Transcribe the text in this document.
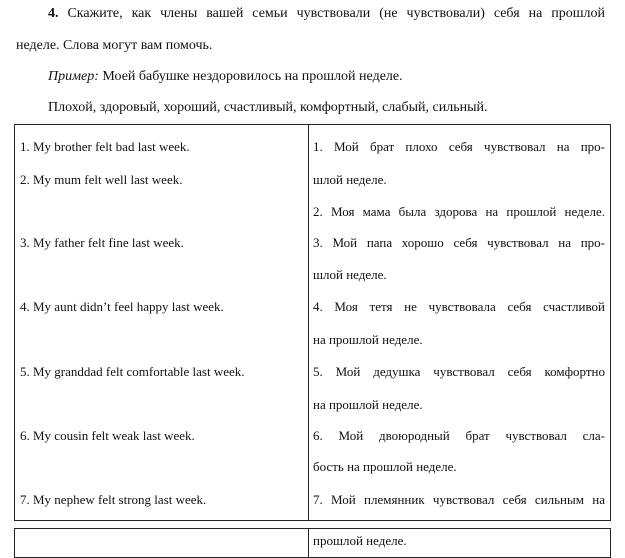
4. Скажите, как члены вашей семьи чувствовали (не чувствовали) себя на прошлой
неделе. Слова могут вам помочь.
Пример: Моей бабушке нездоровилось на прошлой неделе.
Плохой, здоровый, хороший, счастливый, комфортный, слабый, сильный.
1. My brother felt bad last week.
2. My mum felt well last week.
3. My father felt fine last week.
4. My aunt didn’t feel happy last week.
5. My granddad felt comfortable last week.
6. My cousin felt weak last week.
7. My nephew felt strong last week.
1. Мой брат плохо себя чувствовал на про-
шлой неделе.
2. Моя мама была здорова на прошлой неделе.
3. Мой папа хорошо себя чувствовал на про-
шлой неделе.
4. Моя тетя не чувствовала себя счастливой
на прошлой неделе.
5. Мой дедушка чувствовал себя комфортно
на прошлой неделе.
6. Мой двоюродный брат чувствовал сла-
бость на прошлой неделе.
7. Мой племянник чувствовал себя сильным на
прошлой неделе.
